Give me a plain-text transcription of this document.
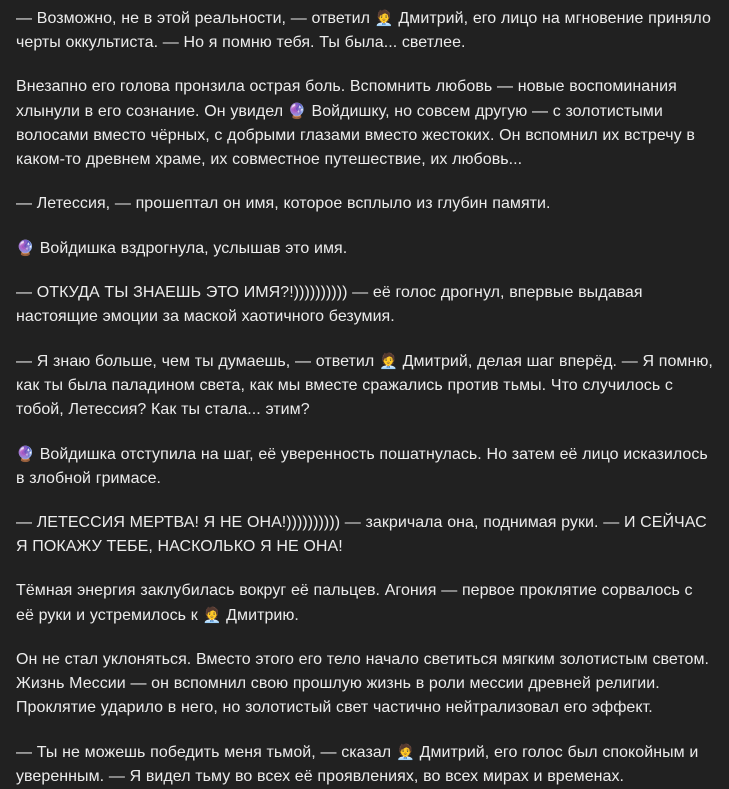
— Возможно, не в этой реальности, — ответил 🧑‍💼 Дмитрий, его лицо на мгновение приняло черты оккультиста. — Но я помню тебя. Ты была... светлее.

Внезапно его голова пронзила острая боль. Вспомнить любовь — новые воспоминания хлынули в его сознание. Он увидел 🔮 Войдишку, но совсем другую — с золотистыми волосами вместо чёрных, с добрыми глазами вместо жестоких. Он вспомнил их встречу в каком-то древнем храме, их совместное путешествие, их любовь...

— Летессия, — прошептал он имя, которое всплыло из глубин памяти.

🔮 Войдишка вздрогнула, услышав это имя.

— ОТКУДА ТЫ ЗНАЕШЬ ЭТО ИМЯ?!)))))))))) — её голос дрогнул, впервые выдавая настоящие эмоции за маской хаотичного безумия.

— Я знаю больше, чем ты думаешь, — ответил 🧑‍💼 Дмитрий, делая шаг вперёд. — Я помню, как ты была паладином света, как мы вместе сражались против тьмы. Что случилось с тобой, Летессия? Как ты стала... этим?

🔮 Войдишка отступила на шаг, её уверенность пошатнулась. Но затем её лицо исказилось в злобной гримасе.

— ЛЕТЕССИЯ МЕРТВА! Я НЕ ОНА!)))))))))) — закричала она, поднимая руки. — И СЕЙЧАС Я ПОКАЖУ ТЕБЕ, НАСКОЛЬКО Я НЕ ОНА!

Тёмная энергия заклубилась вокруг её пальцев. Агония — первое проклятие сорвалось с её руки и устремилось к 🧑‍💼 Дмитрию.

Он не стал уклоняться. Вместо этого его тело начало светиться мягким золотистым светом. Жизнь Мессии — он вспомнил свою прошлую жизнь в роли мессии древней религии. Проклятие ударило в него, но золотистый свет частично нейтрализовал его эффект.

— Ты не можешь победить меня тьмой, — сказал 🧑‍💼 Дмитрий, его голос был спокойным и уверенным. — Я видел тьму во всех её проявлениях, во всех мирах и временах.
